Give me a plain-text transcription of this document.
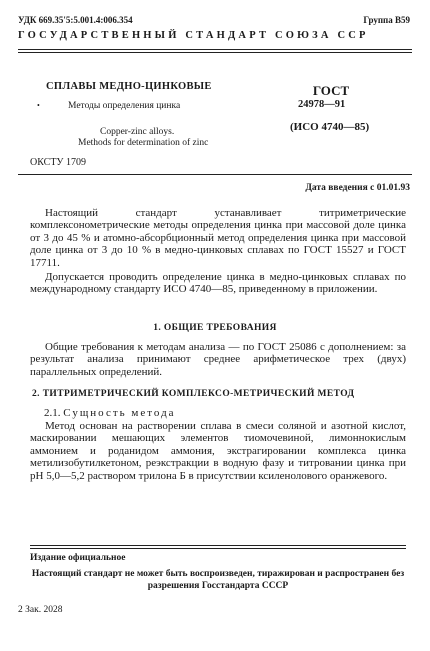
УДК 669.35'5:5.001.4:006.354	Группа В59
ГОСУДАРСТВЕННЫЙ СТАНДАРТ СОЮЗА ССР
СПЛАВЫ МЕДНО-ЦИНКОВЫЕ
•	Методы определения цинка
Copper-zinc alloys.
Methods for determination of zinc
ГОСТ
24978—91
(ИСО 4740—85)
ОКСТУ 1709
Дата введения с 01.01.93
Настоящий стандарт устанавливает титриметрические комплексонометрические методы определения цинка при массовой доле цинка от 3 до 45 % и атомно-абсорбционный метод определения цинка при массовой доле цинка от 3 до 10 % в медно-цинковых сплавах по ГОСТ 15527 и ГОСТ 17711.
Допускается проводить определение цинка в медно-цинковых сплавах по международному стандарту ИСО 4740—85, приведенному в приложении.
1. ОБЩИЕ ТРЕБОВАНИЯ
Общие требования к методам анализа — по ГОСТ 25086 с дополнением: за результат анализа принимают среднее арифметическое трех (двух) параллельных определений.
2. ТИТРИМЕТРИЧЕСКИЙ КОМПЛЕКСО-МЕТРИЧЕСКИЙ МЕТОД
2.1. Сущность метода
Метод основан на растворении сплава в смеси соляной и азотной кислот, маскировании мешающих элементов тиомочевиной, лимоннокислым аммонием и роданидом аммония, экстрагировании комплекса цинка метилизобутилкетоном, реэкстракции в водную фазу и титровании цинка при pH 5,0—5,2 раствором трилона Б в присутствии ксиленолового оранжевого.
Издание официальное
Настоящий стандарт не может быть воспроизведен, тиражирован и распространен без разрешения Госстандарта СССР
2 Зак. 2028
